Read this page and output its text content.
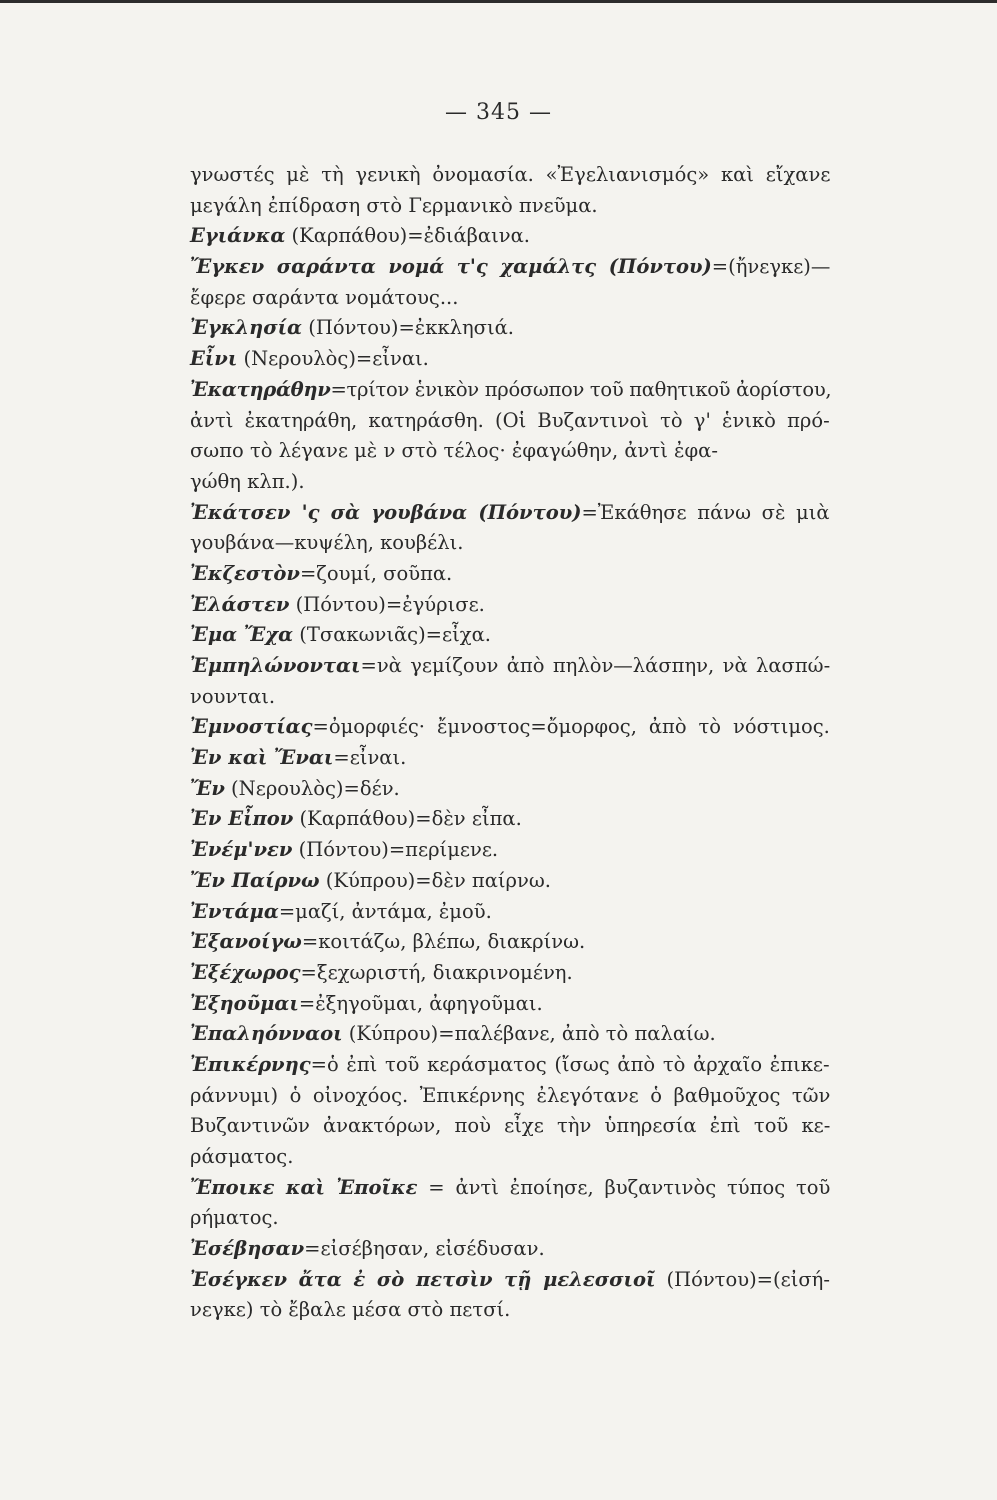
— 345 —
γνωστές μὲ τὴ γενικὴ ὀνομασία. «Ἐγελιανισμός» καὶ εἴχανε
μεγάλη ἐπίδραση στὸ Γερμανικὸ πνεῦμα.
Εγιάνκα (Καρπάθου)=ἐδιάβαινα.
Ἔγκεν σαράντα νομά τ'ς χαμάλτς (Πόντου)=(ἤνεγκε)—
ἔφερε σαράντα νομάτους...
Ἐγκλησία (Πόντου)=ἐκκλησιά.
Εἶνι (Νερουλὸς)=εἶναι.
Ἐκατηράθην=τρίτον ἑνικὸν πρόσωπον τοῦ παθητικοῦ ἀορίστου,
ἀντὶ ἐκατηράθη, κατηράσθη. (Οἱ Βυζαντινοὶ τὸ γ' ἑνικὸ πρό-
σωπο τὸ λέγανε μὲ ν στὸ τέλος· ἐφαγώθην, ἀντὶ ἐφα-
γώθη κλπ.).
Ἐκάτσεν 'ς σὰ γουβάνα (Πόντου)=Ἐκάθησε πάνω σὲ μιὰ
γουβάνα—κυψέλη, κουβέλι.
Ἐκζεστὸν=ζουμί, σοῦπα.
Ἐλάστεν (Πόντου)=ἐγύρισε.
Ἐμα Ἔχα (Τσακωνιᾶς)=εἶχα.
Ἐμπηλώνονται=νὰ γεμίζουν ἀπὸ πηλὸν—λάσπην, νὰ λασπώ-
νουνται.
Ἐμνοστίας=ὀμορφιές· ἔμνοστος=ὄμορφος, ἀπὸ τὸ νόστιμος.
Ἐν καὶ Ἔναι=εἶναι.
Ἔν (Νερουλὸς)=δέν.
Ἐν Εἶπον (Καρπάθου)=δὲν εἶπα.
Ἐνέμ'νεν (Πόντου)=περίμενε.
Ἔν Παίρνω (Κύπρου)=δὲν παίρνω.
Ἐντάμα=μαζί, ἀντάμα, ἐμοῦ.
Ἐξανοίγω=κοιτάζω, βλέπω, διακρίνω.
Ἐξέχωρος=ξεχωριστή, διακρινομένη.
Ἐξηοῦμαι=ἐξηγοῦμαι, ἀφηγοῦμαι.
Ἐπαληόνναοι (Κύπρου)=παλέβανε, ἀπὸ τὸ παλαίω.
Ἐπικέρνης=ὁ ἐπὶ τοῦ κεράσματος (ἴσως ἀπὸ τὸ ἀρχαῖο ἐπικε-
ράννυμι) ὁ οἰνοχόος. Ἐπικέρνης ἐλεγότανε ὁ βαθμοῦχος τῶν
Βυζαντινῶν ἀνακτόρων, ποὺ εἶχε τὴν ὑπηρεσία ἐπὶ τοῦ κε-
ράσματος.
Ἔποικε καὶ Ἐποῖκε = ἀντὶ ἐποίησε, βυζαντινὸς τύπος τοῦ
ρήματος.
Ἐσέβησαν=εἰσέβησαν, εἰσέδυσαν.
Ἐσέγκεν ἄτα ἐ σὸ πετσὶν τῇ μελεσσιοῖ (Πόντου)=(εἰσή-
νεγκε) τὸ ἔβαλε μέσα στὸ πετσί.
